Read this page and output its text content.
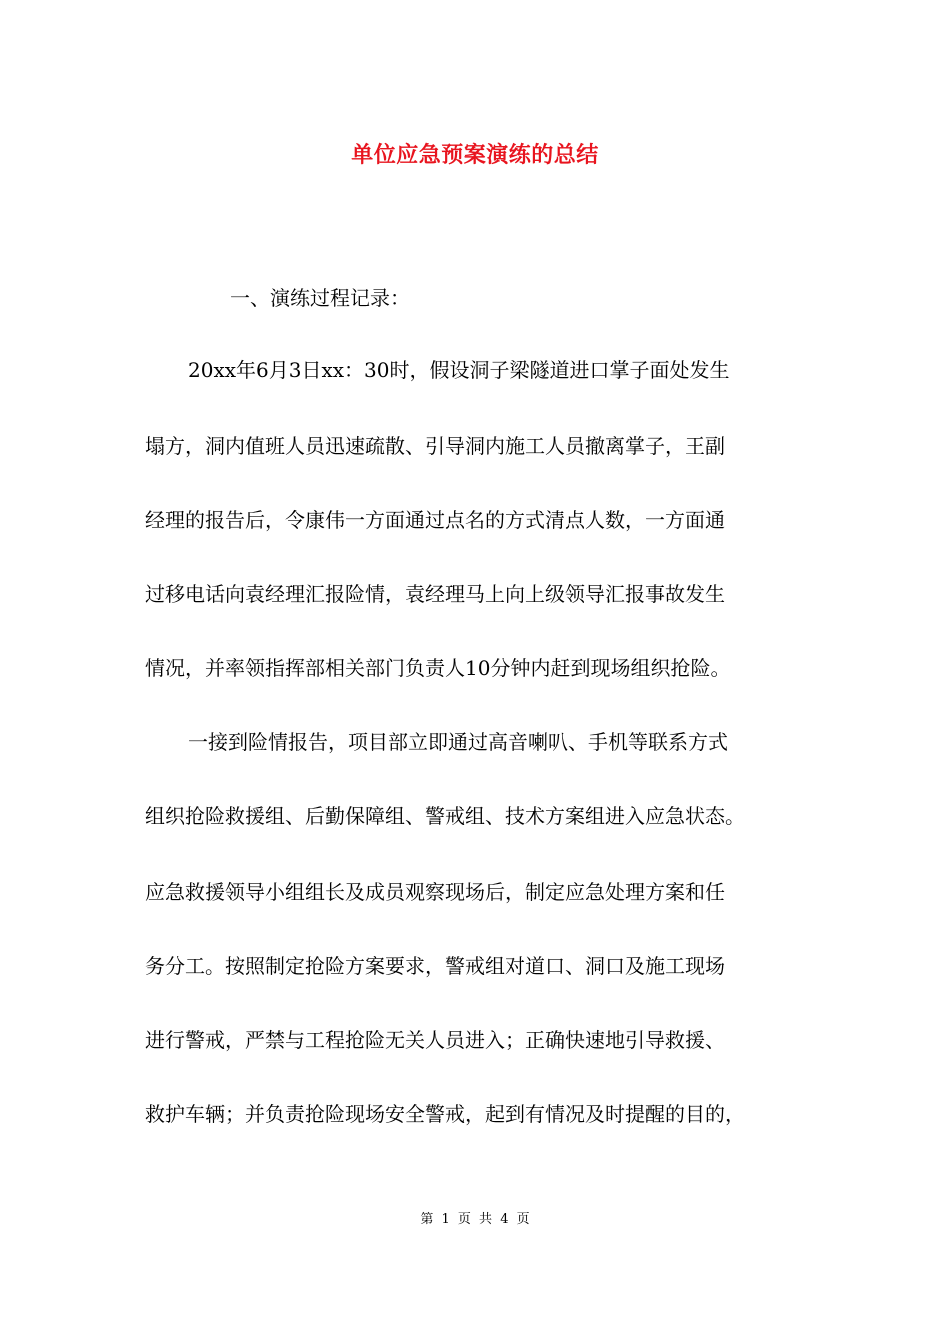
单位应急预案演练的总结
一、演练过程记录：
20xx年6月3日xx：30时，假设洞子梁隧道进口掌子面处发生
塌方，洞内值班人员迅速疏散、引导洞内施工人员撤离掌子，王副
经理的报告后，令康伟一方面通过点名的方式清点人数，一方面通
过移电话向袁经理汇报险情，袁经理马上向上级领导汇报事故发生
情况，并率领指挥部相关部门负责人10分钟内赶到现场组织抢险。
一接到险情报告，项目部立即通过高音喇叭、手机等联系方式
组织抢险救援组、后勤保障组、警戒组、技术方案组进入应急状态。
应急救援领导小组组长及成员观察现场后，制定应急处理方案和任
务分工。按照制定抢险方案要求，警戒组对道口、洞口及施工现场
进行警戒，严禁与工程抢险无关人员进入；正确快速地引导救援、
救护车辆；并负责抢险现场安全警戒，起到有情况及时提醒的目的，
第 1 页 共 4 页
